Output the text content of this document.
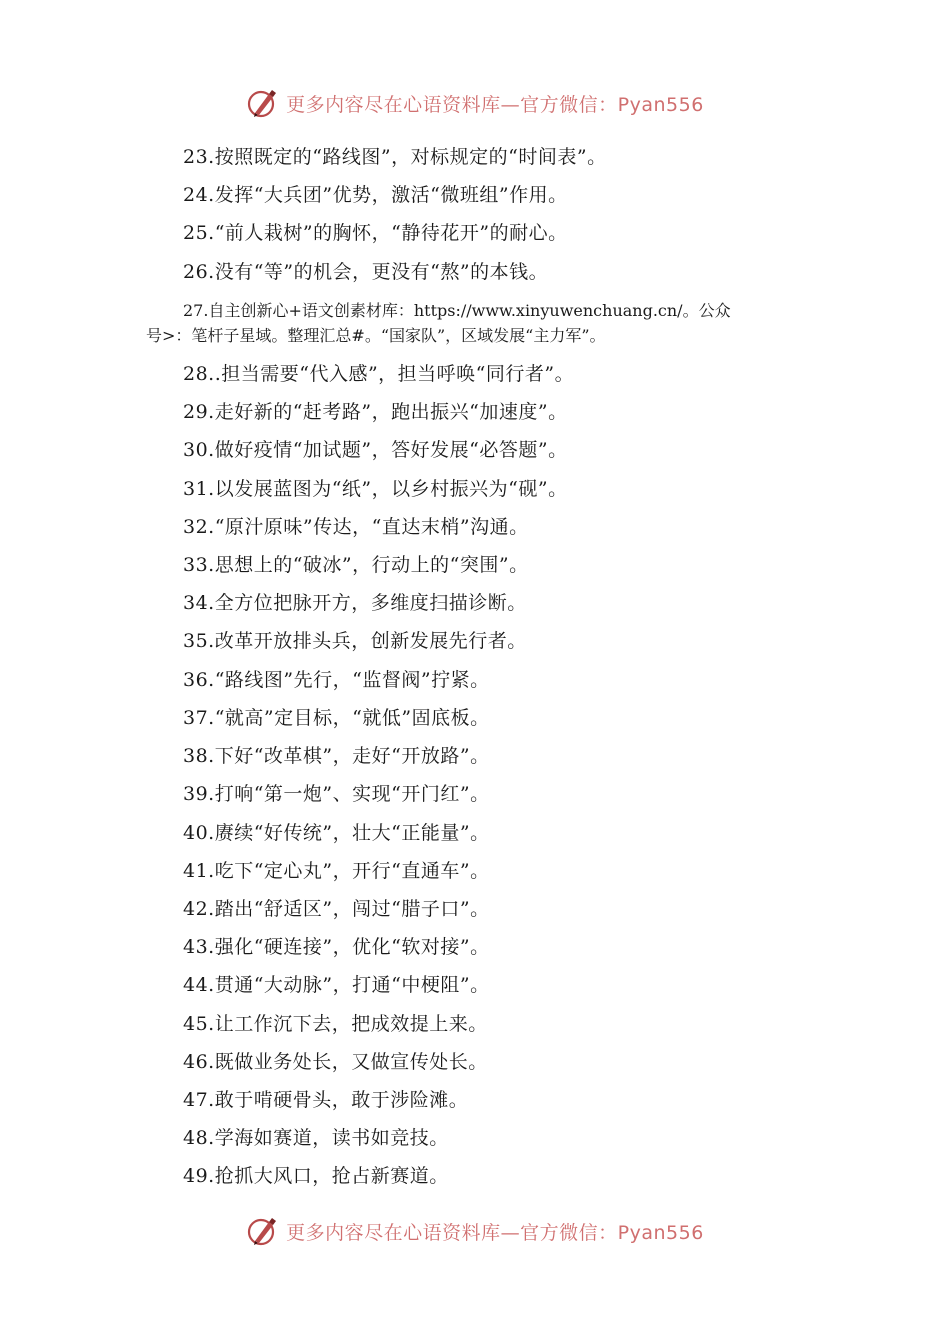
更多内容尽在心语资料库—官方微信：Pyan556
23.按照既定的“路线图”，对标规定的“时间表”。
24.发挥“大兵团”优势，激活“微班组”作用。
25.“前人栽树”的胸怀，“静待花开”的耐心。
26.没有“等”的机会，更没有“熬”的本钱。
27.自主创新心+语文创素材库：https://www.xinyuwenchuang.cn/。公众
号>：笔杆子星域。整理汇总#。“国家队”，区域发展“主力军”。
28..担当需要“代入感”，担当呼唤“同行者”。
29.走好新的“赶考路”，跑出振兴“加速度”。
30.做好疫情“加试题”，答好发展“必答题”。
31.以发展蓝图为“纸”，以乡村振兴为“砚”。
32.“原汁原味”传达，“直达末梢”沟通。
33.思想上的“破冰”，行动上的“突围”。
34.全方位把脉开方，多维度扫描诊断。
35.改革开放排头兵，创新发展先行者。
36.“路线图”先行，“监督阀”拧紧。
37.“就高”定目标，“就低”固底板。
38.下好“改革棋”，走好“开放路”。
39.打响“第一炮”、实现“开门红”。
40.赓续“好传统”，壮大“正能量”。
41.吃下“定心丸”，开行“直通车”。
42.踏出“舒适区”，闯过“腊子口”。
43.强化“硬连接”，优化“软对接”。
44.贯通“大动脉”，打通“中梗阻”。
45.让工作沉下去，把成效提上来。
46.既做业务处长，又做宣传处长。
47.敢于啃硬骨头，敢于涉险滩。
48.学海如赛道，读书如竞技。
49.抢抓大风口，抢占新赛道。
更多内容尽在心语资料库—官方微信：Pyan556
